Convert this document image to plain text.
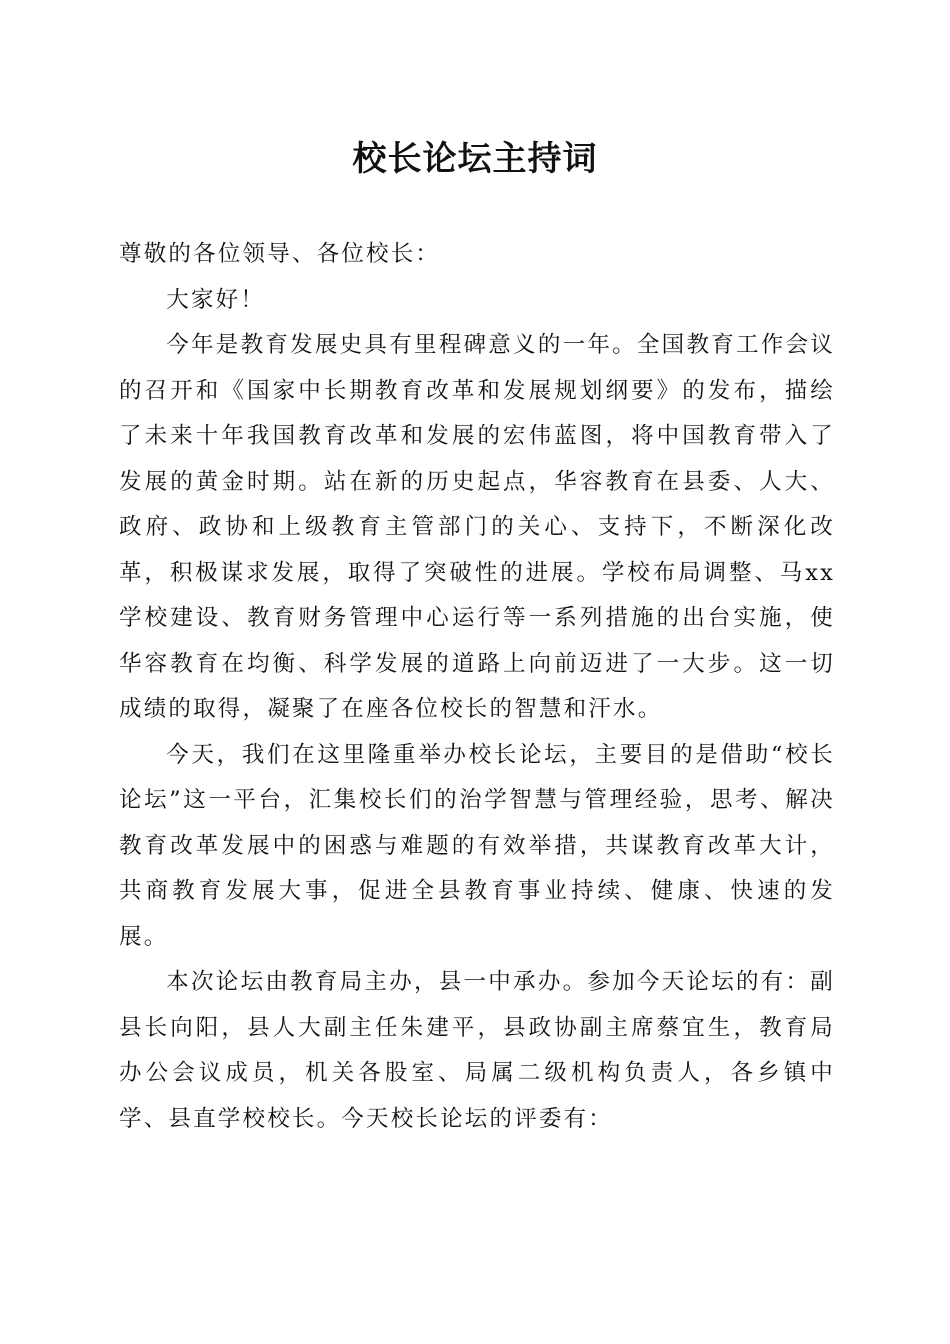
校长论坛主持词

尊敬的各位领导、各位校长：

大家好！

今年是教育发展史具有里程碑意义的一年。全国教育工作会议的召开和《国家中长期教育改革和发展规划纲要》的发布，描绘了未来十年我国教育改革和发展的宏伟蓝图，将中国教育带入了发展的黄金时期。站在新的历史起点，华容教育在县委、人大、政府、政协和上级教育主管部门的关心、支持下，不断深化改革，积极谋求发展，取得了突破性的进展。学校布局调整、马xx学校建设、教育财务管理中心运行等一系列措施的出台实施，使华容教育在均衡、科学发展的道路上向前迈进了一大步。这一切成绩的取得，凝聚了在座各位校长的智慧和汗水。

今天，我们在这里隆重举办校长论坛，主要目的是借助“校长论坛”这一平台，汇集校长们的治学智慧与管理经验，思考、解决教育改革发展中的困惑与难题的有效举措，共谋教育改革大计，共商教育发展大事，促进全县教育事业持续、健康、快速的发展。

本次论坛由教育局主办，县一中承办。参加今天论坛的有：副县长向阳，县人大副主任朱建平，县政协副主席蔡宜生，教育局办公会议成员，机关各股室、局属二级机构负责人，各乡镇中学、县直学校校长。今天校长论坛的评委有：
